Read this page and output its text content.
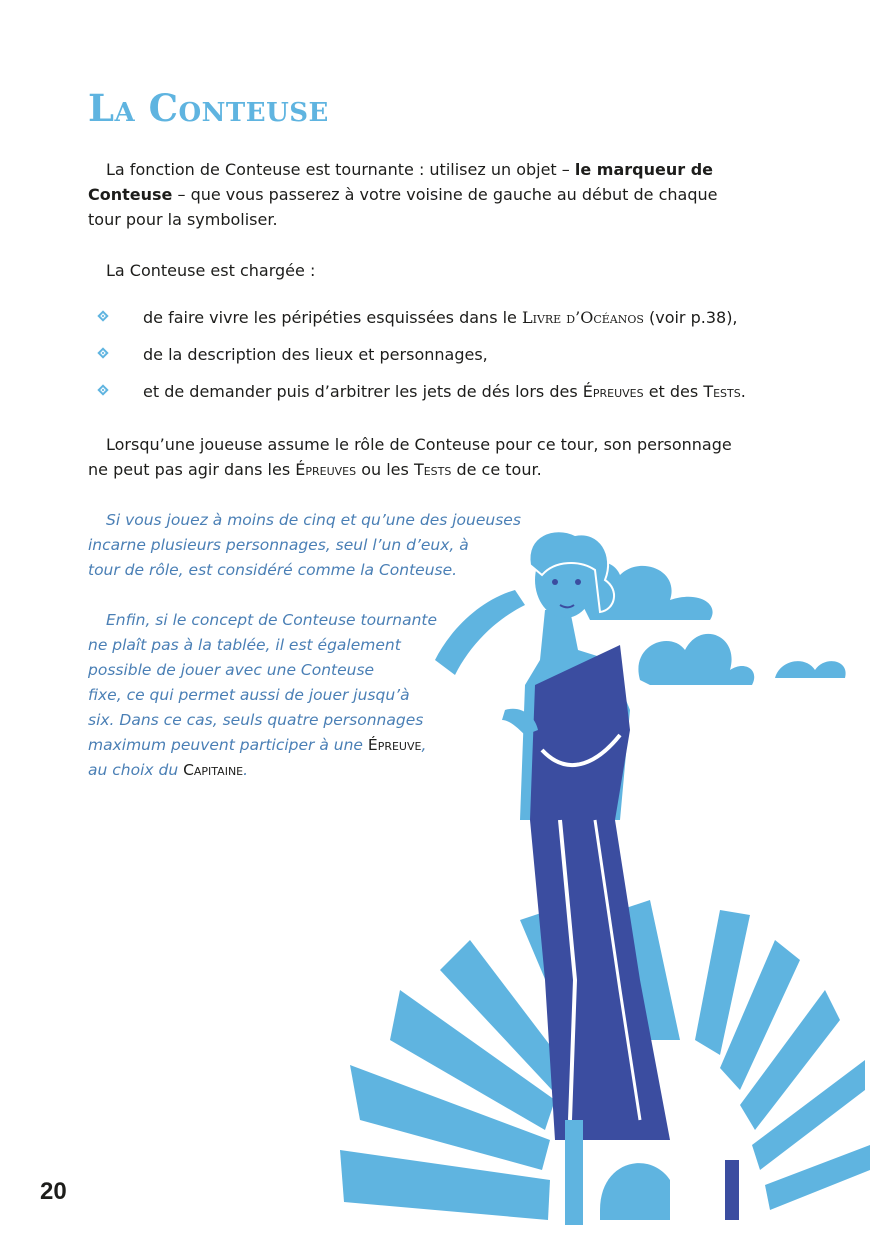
La Conteuse

La fonction de Conteuse est tournante : utilisez un objet – le marqueur de Conteuse – que vous passerez à votre voisine de gauche au début de chaque tour pour la symboliser.

La Conteuse est chargée :

de faire vivre les péripéties esquissées dans le Livre d’Océanos (voir p.38),
de la description des lieux et personnages,
et de demander puis d’arbitrer les jets de dés lors des Épreuves et des Tests.

Lorsqu’une joueuse assume le rôle de Conteuse pour ce tour, son personnage ne peut pas agir dans les Épreuves ou les Tests de ce tour.

Si vous jouez à moins de cinq et qu’une des joueuses
incarne plusieurs personnages, seul l’un d’eux, à
tour de rôle, est considéré comme la Conteuse.

Enfin, si le concept de Conteuse tournante
ne plaît pas à la tablée, il est également
possible de jouer avec une Conteuse
fixe, ce qui permet aussi de jouer jusqu’à
six. Dans ce cas, seuls quatre personnages
maximum peuvent participer à une Épreuve,
au choix du Capitaine.

20
